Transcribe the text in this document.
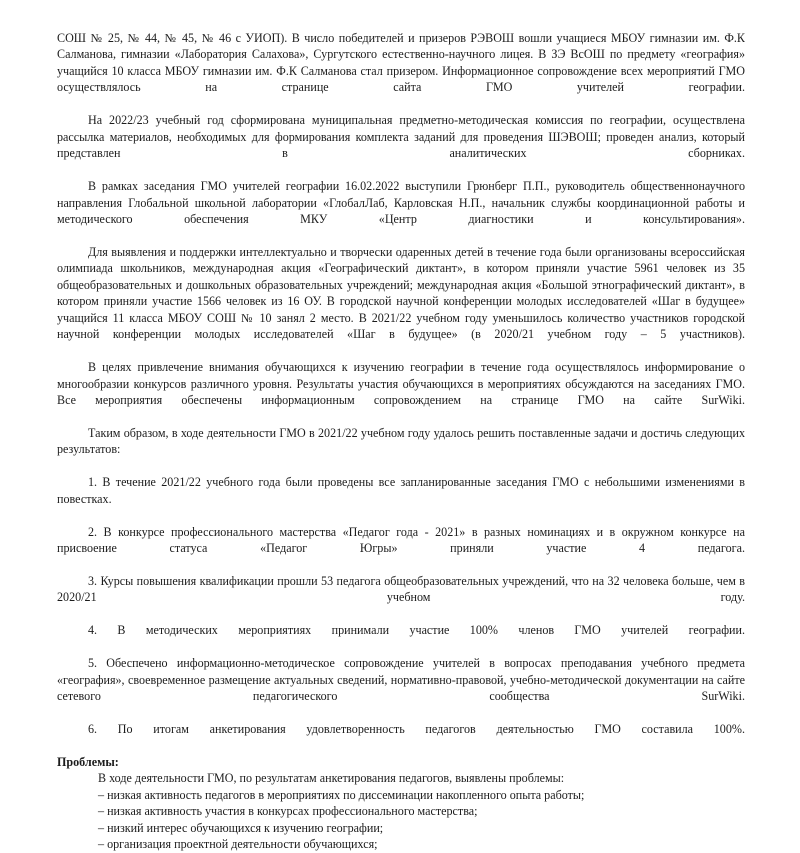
СОШ № 25, № 44, № 45, № 46 с УИОП). В число победителей и призеров РЭВОШ вошли учащиеся МБОУ гимназии им. Ф.К Салманова, гимназии «Лаборатория Салахова», Сургутского естественно-научного лицея. В ЗЭ ВсОШ по предмету «география» учащийся 10 класса МБОУ гимназии им. Ф.К Салманова стал призером. Информационное сопровождение всех мероприятий ГМО осуществлялось на странице сайта ГМО учителей географии.

На 2022/23 учебный год сформирована муниципальная предметно-методическая комиссия по географии, осуществлена рассылка материалов, необходимых для формирования комплекта заданий для проведения ШЭВОШ; проведен анализ, который представлен в аналитических сборниках.

В рамках заседания ГМО учителей географии 16.02.2022 выступили Грюнберг П.П., руководитель общественнонаучного направления Глобальной школьной лаборатории «ГлобалЛаб, Карловская Н.П., начальник службы координационной работы и методического обеспечения МКУ «Центр диагностики и консультирования».

Для выявления и поддержки интеллектуально и творчески одаренных детей в течение года были организованы всероссийская олимпиада школьников, международная акция «Географический диктант», в котором приняли участие 5961 человек из 35 общеобразовательных и дошкольных образовательных учреждений; международная акция «Большой этнографический диктант», в котором приняли участие 1566 человек из 16 ОУ. В городской научной конференции молодых исследователей «Шаг в будущее» учащийся 11 класса МБОУ СОШ № 10 занял 2 место. В 2021/22 учебном году уменьшилось количество участников городской научной конференции молодых исследователей «Шаг в будущее» (в 2020/21 учебном году – 5 участников).

В целях привлечение внимания обучающихся к изучению географии в течение года осуществлялось информирование о многообразии конкурсов различного уровня. Результаты участия обучающихся в мероприятиях обсуждаются на заседаниях ГМО. Все мероприятия обеспечены информационным сопровождением на странице ГМО на сайте SurWiki.

Таким образом, в ходе деятельности ГМО в 2021/22 учебном году удалось решить поставленные задачи и достичь следующих результатов:

1. В течение 2021/22 учебного года были проведены все запланированные заседания ГМО с небольшими изменениями в повестках.

2. В конкурсе профессионального мастерства «Педагог года - 2021» в разных номинациях и в окружном конкурсе на присвоение статуса «Педагог Югры» приняли участие 4 педагога.

3. Курсы повышения квалификации прошли 53 педагога общеобразовательных учреждений, что на 32 человека больше, чем в 2020/21 учебном году.

4. В методических мероприятиях принимали участие 100% членов ГМО учителей географии.

5. Обеспечено информационно-методическое сопровождение учителей в вопросах преподавания учебного предмета «география», своевременное размещение актуальных сведений, нормативно-правовой, учебно-методической документации на сайте сетевого педагогического сообщества SurWiki.

6. По итогам анкетирования удовлетворенность педагогов деятельностью ГМО составила 100%.

Проблемы:

В ходе деятельности ГМО, по результатам анкетирования педагогов, выявлены проблемы:

– низкая активность педагогов в мероприятиях по диссеминации накопленного опыта работы;

– низкая активность участия в конкурсах профессионального мастерства;

– низкий интерес обучающихся к изучению географии;

– организация проектной деятельности обучающихся;
